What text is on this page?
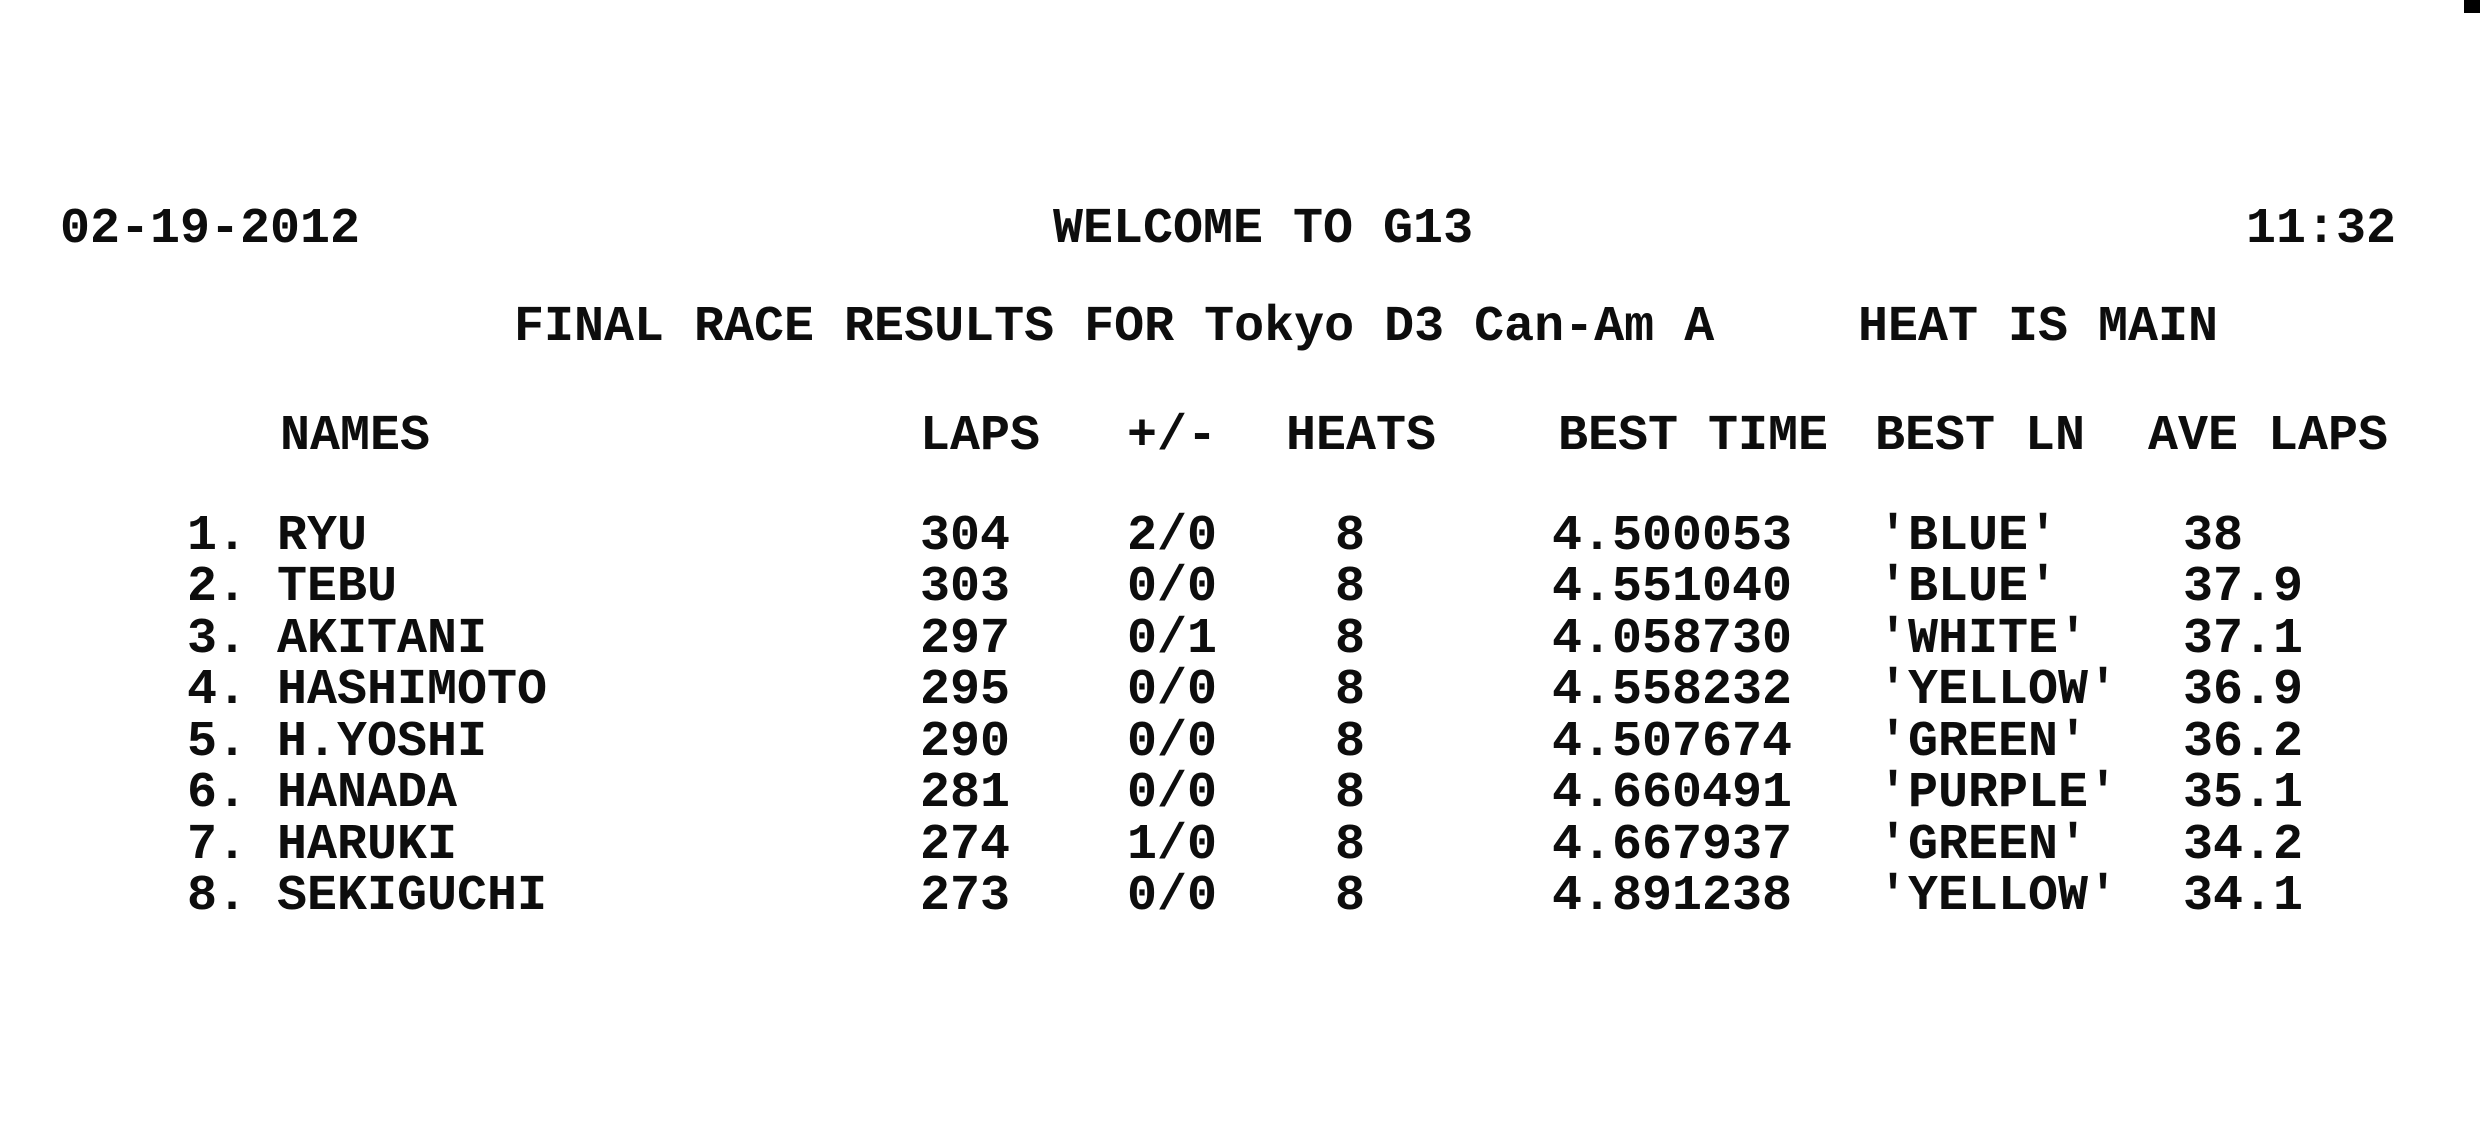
02-19-2012	WELCOME TO G13	11:32
FINAL RACE RESULTS FOR Tokyo D3 Can-Am A	HEAT IS MAIN
NAMES	LAPS +/- HEATS BEST TIME BEST LN AVE LAPS
1. RYU	304 2/0 8	4.500053 'BLUE' 38
2. TEBU	303 0/0 8	4.551040 'BLUE' 37.9
3. AKITANI	297 0/1 8	4.058730 'WHITE' 37.1
4. HASHIMOTO	295 0/0 8	4.558232 'YELLOW' 36.9
5. H.YOSHI	290 0/0 8	4.507674 'GREEN' 36.2
6. HANADA	281 0/0 8	4.660491 'PURPLE' 35.1
7. HARUKI	274 1/0 8	4.667937 'GREEN' 34.2
8. SEKIGUCHI	273 0/0 8	4.891238 'YELLOW' 34.1
